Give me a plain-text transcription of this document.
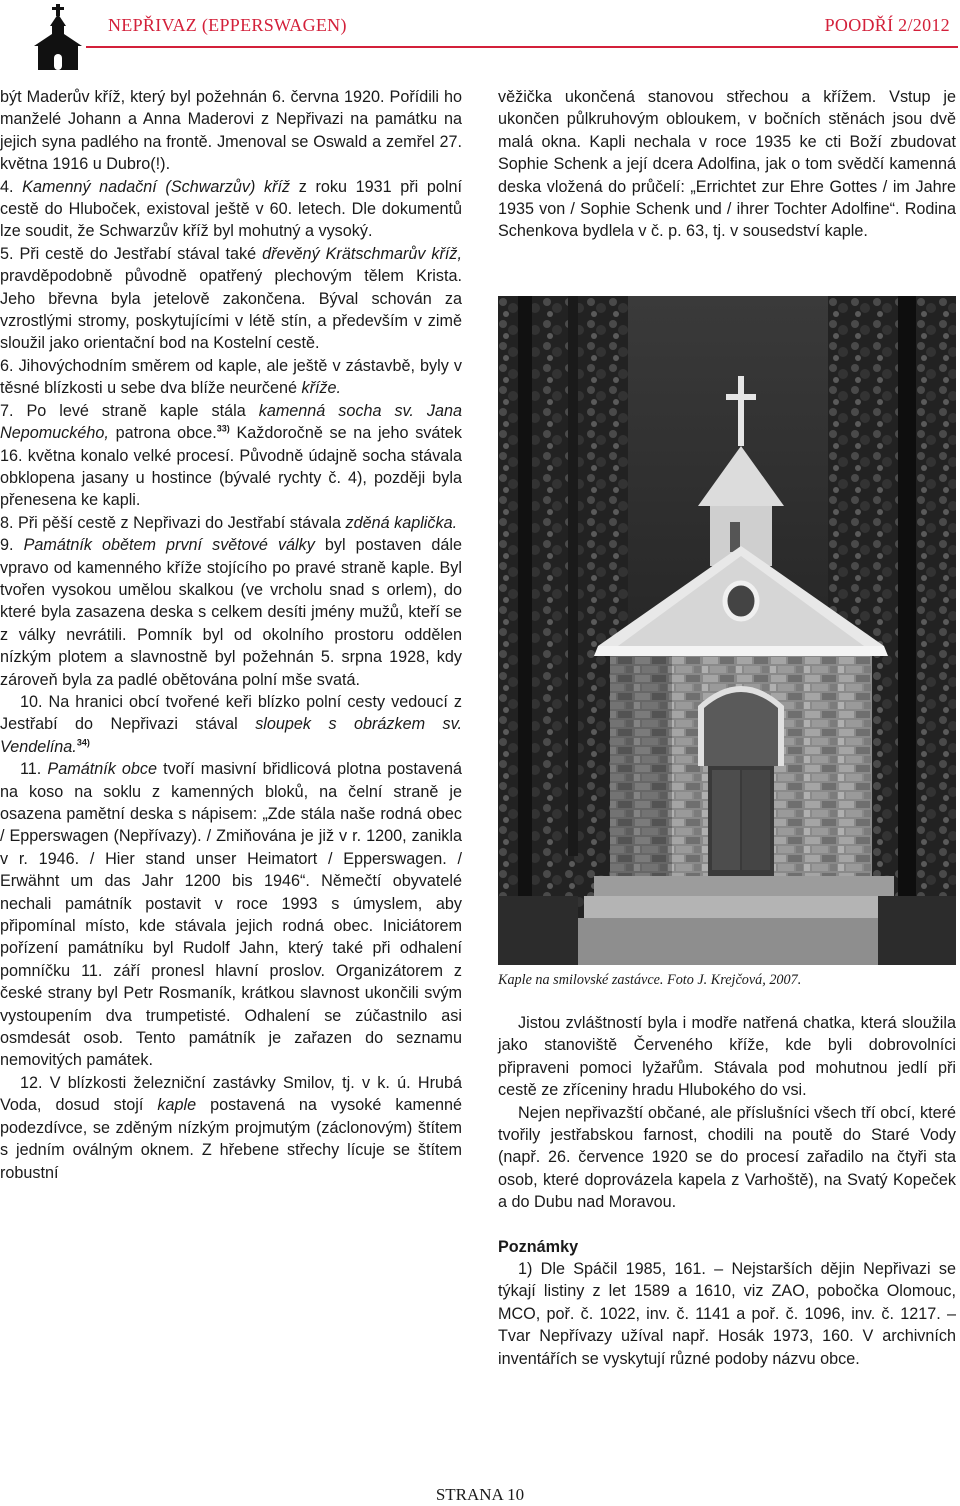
NEPŘIVAZ (EPPERSWAGEN)	POODŘÍ 2/2012

být Maderův kříž, který byl požehnán 6. června 1920. Pořídili ho manželé Johann a Anna Maderovi z Nepřivazi na památku na jejich syna padlého na frontě. Jmenoval se Oswald a zemřel 27. května 1916 u Dubro(!).

4. Kamenný nadační (Schwarzův) kříž z roku 1931 při polní cestě do Hluboček, existoval ještě v 60. letech. Dle dokumentů lze soudit, že Schwarzův kříž byl mohutný a vysoký.

5. Při cestě do Jestřabí stával také dřevěný Krätschmarův kříž, pravděpodobně původně opatřený plechovým tělem Krista. Jeho břevna byla jetelově zakončena. Býval schován za vzrostlými stromy, poskytujícími v létě stín, a především v zimě sloužil jako orientační bod na Kostelní cestě.

6. Jihovýchodním směrem od kaple, ale ještě v zástavbě, byly v těsné blízkosti u sebe dva blíže neurčené kříže.

7. Po levé straně kaple stála kamenná socha sv. Jana Nepomuckého, patrona obce.$^{33)}$ Každoročně se na jeho svátek 16. května konalo velké procesí. Původně údajně socha stávala obklopena jasany u hostince (bývalé rychty č. 4), později byla přenesena ke kapli.

8. Při pěší cestě z Nepřivazi do Jestřabí stávala zděná kaplička.

9. Památník obětem první světové války byl postaven dále vpravo od kamenného kříže stojícího po pravé straně kaple. Byl tvořen vysokou umělou skalkou (ve vrcholu snad s orlem), do které byla zasazena deska s celkem desíti jmény mužů, kteří se z války nevrátili. Pomník byl od okolního prostoru oddělen nízkým plotem a slavnostně byl požehnán 5. srpna 1928, kdy zároveň byla za padlé obětována polní mše svatá.

10. Na hranici obcí tvořené keři blízko polní cesty vedoucí z Jestřabí do Nepřivazi stával sloupek s obrázkem sv. Vendelína.$^{34)}$

11. Památník obce tvoří masivní břidlicová plotna postavená na koso na soklu z kamenných bloků, na čelní straně je osazena pamětní deska s nápisem: „Zde stála naše rodná obec / Epperswagen (Nepřívazy). / Zmiňována je již v r. 1200, zanikla v r. 1946. / Hier stand unser Heimatort / Epperswagen. / Erwähnt um das Jahr 1200 bis 1946“. Němečtí obyvatelé nechali památník postavit v roce 1993 s úmyslem, aby připomínal místo, kde stávala jejich rodná obec. Iniciátorem pořízení památníku byl Rudolf Jahn, který také při odhalení pomníčku 11. září pronesl hlavní proslov. Organizátorem z české strany byl Petr Rosmaník, krátkou slavnost ukončili svým vystoupením dva trumpetisté. Odhalení se zúčastnilo asi osmdesát osob. Tento památník je zařazen do seznamu nemovitých památek.

12. V blízkosti železniční zastávky Smilov, tj. v k. ú. Hrubá Voda, dosud stojí kaple postavená na vysoké kamenné podezdívce, se zděným nízkým projmutým (záclonovým) štítem s jedním oválným oknem. Z hřebene střechy lícuje se štítem robustní

věžička ukončená stanovou střechou a křížem. Vstup je ukončen půlkruhovým obloukem, v bočních stěnách jsou dvě malá okna. Kapli nechala v roce 1935 ke cti Boží zbudovat Sophie Schenk a její dcera Adolfina, jak o tom svědčí kamenná deska vložená do průčelí: „Errichtet zur Ehre Gottes / im Jahre 1935 von / Sophie Schenk und / ihrer Tochter Adolfine“. Rodina Schenkova bydlela v č. p. 63, tj. v sousedství kaple.

Kaple na smilovské zastávce. Foto J. Krejčová, 2007.

Jistou zvláštností byla i modře natřená chatka, která sloužila jako stanoviště Červeného kříže, kde byli dobrovolníci připraveni pomoci lyžařům. Stávala pod mohutnou jedlí při cestě ze zříceniny hradu Hlubokého do vsi.

Nejen nepřivazští občané, ale příslušníci všech tří obcí, které tvořily jestřabskou farnost, chodili na poutě do Staré Vody (např. 26. července 1920 se do procesí zařadilo na čtyři sta osob, které doprovázela kapela z Varhoště), na Svatý Kopeček a do Dubu nad Moravou.

Poznámky

1) Dle Spáčil 1985, 161. – Nejstarších dějin Nepřivazi se týkají listiny z let 1589 a 1610, viz ZAO, pobočka Olomouc, MCO, poř. č. 1022, inv. č. 1141 a poř. č. 1096, inv. č. 1217. – Tvar Nepřívazy užíval např. Hosák 1973, 160. V archivních inventářích se vyskytují různé podoby názvu obce.

STRANA 10
